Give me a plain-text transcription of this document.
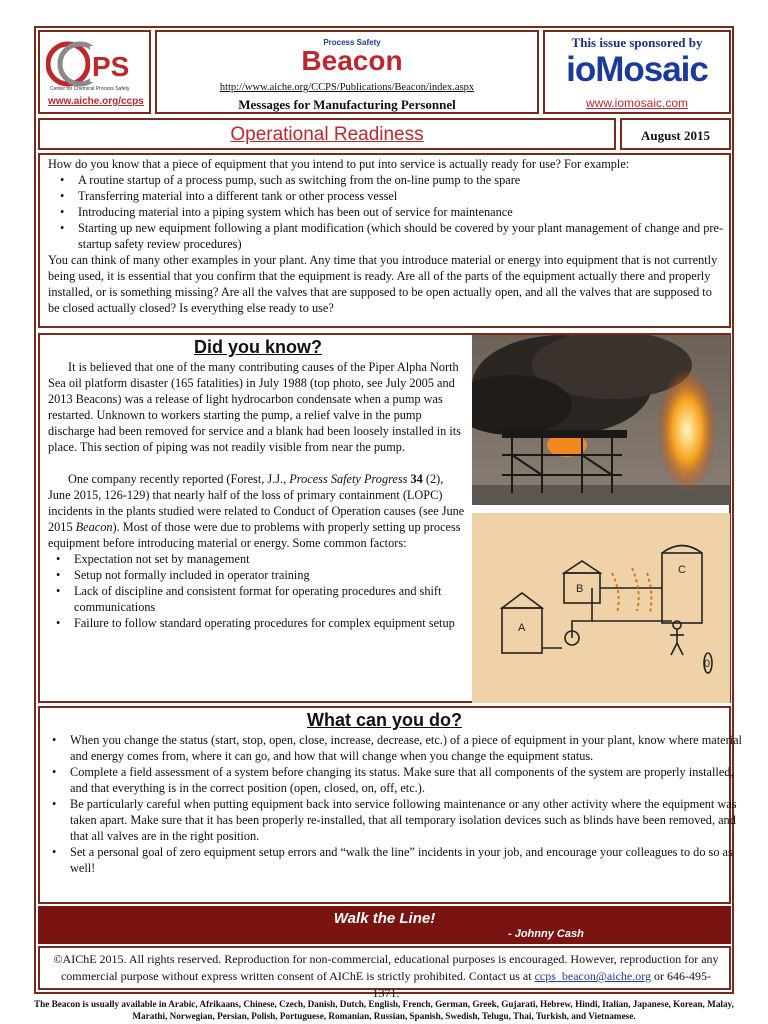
PS
Center for Chemical Process Safety
www.aiche.org/ccps
Process Safety
Beacon
http://www.aiche.org/CCPS/Publications/Beacon/index.aspx
Messages for Manufacturing Personnel
This issue sponsored by
ioMosaic
www.iomosaic.com
Operational Readiness	August 2015

How do you know that a piece of equipment that you intend to put into service is actually ready for use? For example:

• A routine startup of a process pump, such as switching from the on-line pump to the spare
• Transferring material into a different tank or other process vessel
• Introducing material into a piping system which has been out of service for maintenance
• Starting up new equipment following a plant modification (which should be covered by your plant management of change and pre-startup safety review procedures)

You can think of many other examples in your plant. Any time that you introduce material or energy into equipment that is not currently being used, it is essential that you confirm that the equipment is ready. Are all of the parts of the equipment actually there and properly installed, or is something missing? Are all the valves that are supposed to be open actually open, and all the valves that are supposed to be closed actually closed? Is everything else ready to use?

Did you know?

It is believed that one of the many contributing causes of the Piper Alpha North Sea oil platform disaster (165 fatalities) in July 1988 (top photo, see July 2005 and 2013 Beacons) was a release of light hydrocarbon condensate when a pump was restarted. Unknown to workers starting the pump, a relief valve in the pump discharge had been removed for service and a blank had been loosely installed in its place. This section of piping was not readily visible from near the pump.

One company recently reported (Forest, J.J., Process Safety Progress 34 (2), June 2015, 126-129) that nearly half of the loss of primary containment (LOPC) incidents in the plants studied were related to Conduct of Operation causes (see June 2015 Beacon). Most of those were due to problems with properly setting up process equipment before introducing material or energy. Some common factors:

• Expectation not set by management
• Setup not formally included in operator training
• Lack of discipline and consistent format for operating procedures and shift communications
• Failure to follow standard operating procedures for complex equipment setup	A
B
C
0
What can you do?
• When you change the status (start, stop, open, close, increase, decrease, etc.) of a piece of equipment in your plant, know where material and energy comes from, where it can go, and how that will change when you change the equipment status.
• Complete a field assessment of a system before changing its status. Make sure that all components of the system are properly installed, and that everything is in the correct position (open, closed, on, off, etc.).
• Be particularly careful when putting equipment back into service following maintenance or any other activity where the equipment was taken apart. Make sure that it has been properly re-installed, that all temporary isolation devices such as blinds have been removed, and that all valves are in the right position.
• Set a personal goal of zero equipment setup errors and “walk the line” incidents in your job, and encourage your colleagues to do so as well!
Walk the Line!
- Johnny Cash
©AIChE 2015. All rights reserved. Reproduction for non-commercial, educational purposes is encouraged. However, reproduction for any commercial purpose without express written consent of AIChE is strictly prohibited. Contact us at ccps_beacon@aiche.org or 646-495-1371.
The Beacon is usually available in Arabic, Afrikaans, Chinese, Czech, Danish, Dutch, English, French, German, Greek, Gujarati, Hebrew, Hindi, Italian, Japanese, Korean, Malay, Marathi, Norwegian, Persian, Polish, Portuguese, Romanian, Russian, Spanish, Swedish, Telugu, Thai, Turkish, and Vietnamese.
